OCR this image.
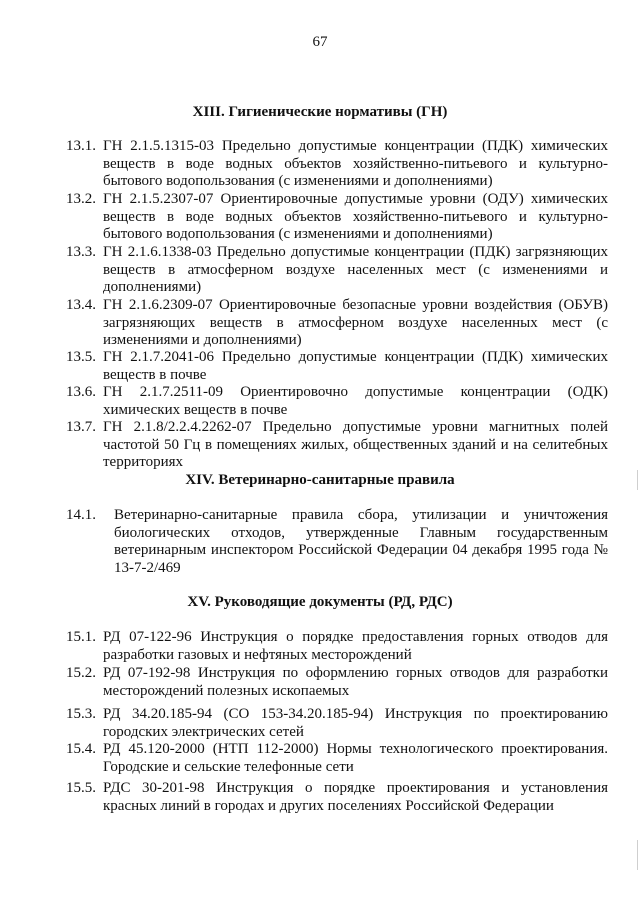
67
XIII. Гигиенические нормативы (ГН)
13.1. ГН 2.1.5.1315-03 Предельно допустимые концентрации (ПДК) химических веществ в воде водных объектов хозяйственно-питьевого и культурно-бытового водопользования (с изменениями и дополнениями)
13.2. ГН 2.1.5.2307-07 Ориентировочные допустимые уровни (ОДУ) химических веществ в воде водных объектов хозяйственно-питьевого и культурно-бытового водопользования (с изменениями и дополнениями)
13.3. ГН 2.1.6.1338-03 Предельно допустимые концентрации (ПДК) загрязняющих веществ в атмосферном воздухе населенных мест (с изменениями и дополнениями)
13.4. ГН 2.1.6.2309-07 Ориентировочные безопасные уровни воздействия (ОБУВ) загрязняющих веществ в атмосферном воздухе населенных мест (с изменениями и дополнениями)
13.5. ГН 2.1.7.2041-06 Предельно допустимые концентрации (ПДК) химических веществ в почве
13.6. ГН 2.1.7.2511-09 Ориентировочно допустимые концентрации (ОДК) химических веществ в почве
13.7. ГН 2.1.8/2.2.4.2262-07 Предельно допустимые уровни магнитных полей частотой 50 Гц в помещениях жилых, общественных зданий и на селитебных территориях
XIV. Ветеринарно-санитарные правила
14.1.	Ветеринарно-санитарные правила сбора, утилизации и уничтожения биологических отходов, утвержденные Главным государственным ветеринарным инспектором Российской Федерации 04 декабря 1995 года № 13-7-2/469
XV. Руководящие документы (РД, РДС)
15.1. РД 07-122-96 Инструкция о порядке предоставления горных отводов для разработки газовых и нефтяных месторождений
15.2. РД 07-192-98 Инструкция по оформлению горных отводов для разработки месторождений полезных ископаемых
15.3. РД 34.20.185-94 (СО 153-34.20.185-94) Инструкция по проектированию городских электрических сетей
15.4. РД 45.120-2000 (НТП 112-2000) Нормы технологического проектирования. Городские и сельские телефонные сети
15.5. РДС 30-201-98 Инструкция о порядке проектирования и установления красных линий в городах и других поселениях Российской Федерации
